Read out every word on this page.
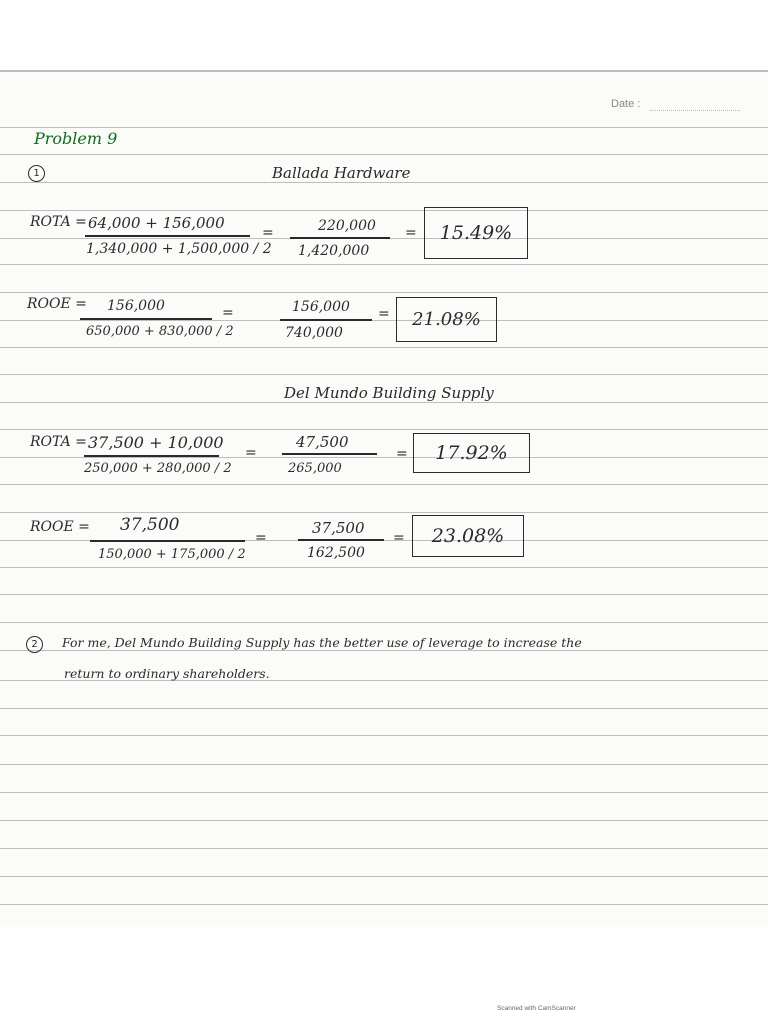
Date :
Problem 9
1	Ballada Hardware
ROTA = 64,000 + 156,000
1,340,000 + 1,500,000 / 2
=	220,000
1,420,000
=	15.49%
ROOE = 156,000
650,000 + 830,000 / 2
=	156,000
740,000
=	21.08%
Del Mundo Building Supply
ROTA = 37,500 + 10,000
250,000 + 280,000 / 2
=
47,500
265,000
=	17.92%
ROOE = 37,500
150,000 + 175,000 / 2
=
37,500
162,500
=	23.08%
2	For me, Del Mundo Building Supply has the better use of leverage to increase the
return to ordinary shareholders.
Scanned with CamScanner
